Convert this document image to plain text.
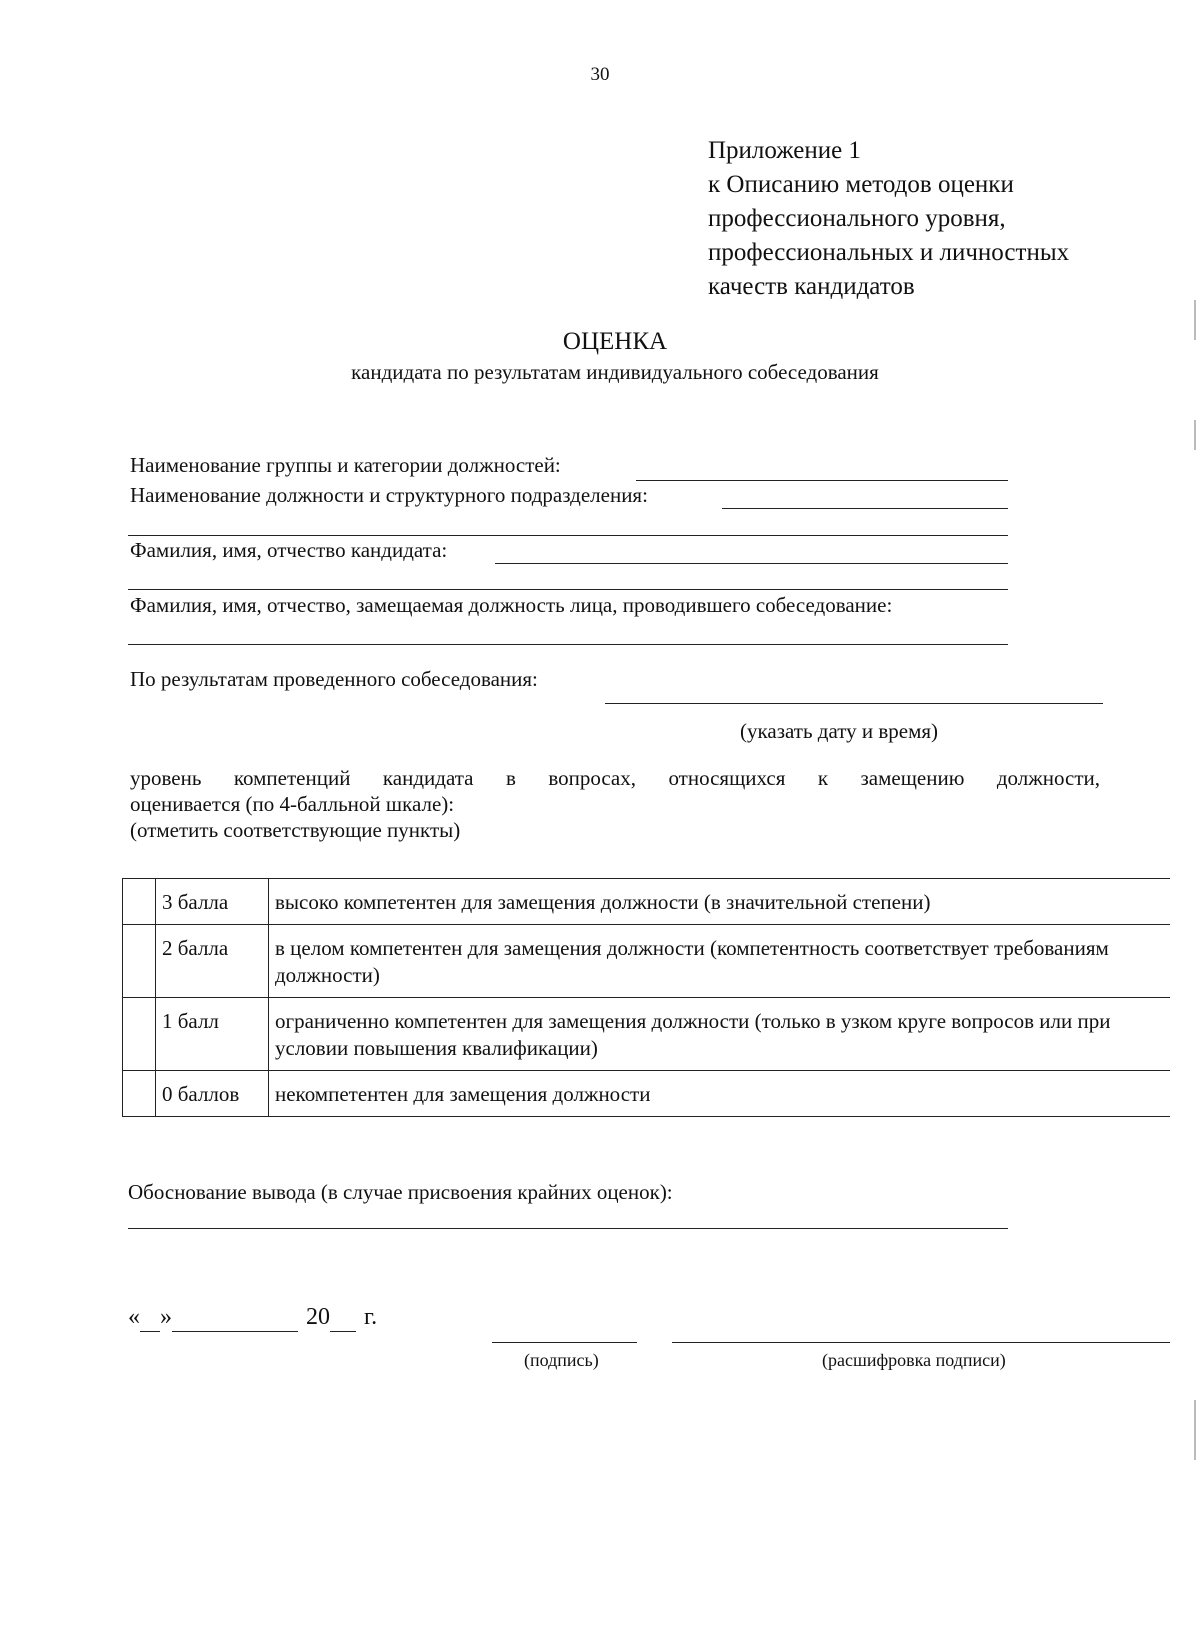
30
Приложение 1
к Описанию методов оценки
профессионального уровня,
профессиональных и личностных
качеств кандидатов
ОЦЕНКА
кандидата по результатам индивидуального собеседования
Наименование группы и категории должностей:
Наименование должности и структурного подразделения:
Фамилия, имя, отчество кандидата:
Фамилия, имя, отчество, замещаемая должность лица, проводившего собеседование:
По результатам проведенного собеседования:
(указать дату и время)
уровень компетенций кандидата в вопросах, относящихся к замещению должности,
оценивается (по 4-балльной шкале):
(отметить соответствующие пункты)
	3 балла	высоко компетентен для замещения должности (в значительной степени)
	2 балла	в целом компетентен для замещения должности (компетентность соответствует требованиям должности)
	1 балл	ограниченно компетентен для замещения должности (только в узком круге вопросов или при условии повышения квалификации)
	0 баллов	некомпетентен для замещения должности
Обоснование вывода (в случае присвоения крайних оценок):
« »	20 г.
(подпись)	(расшифровка подписи)
